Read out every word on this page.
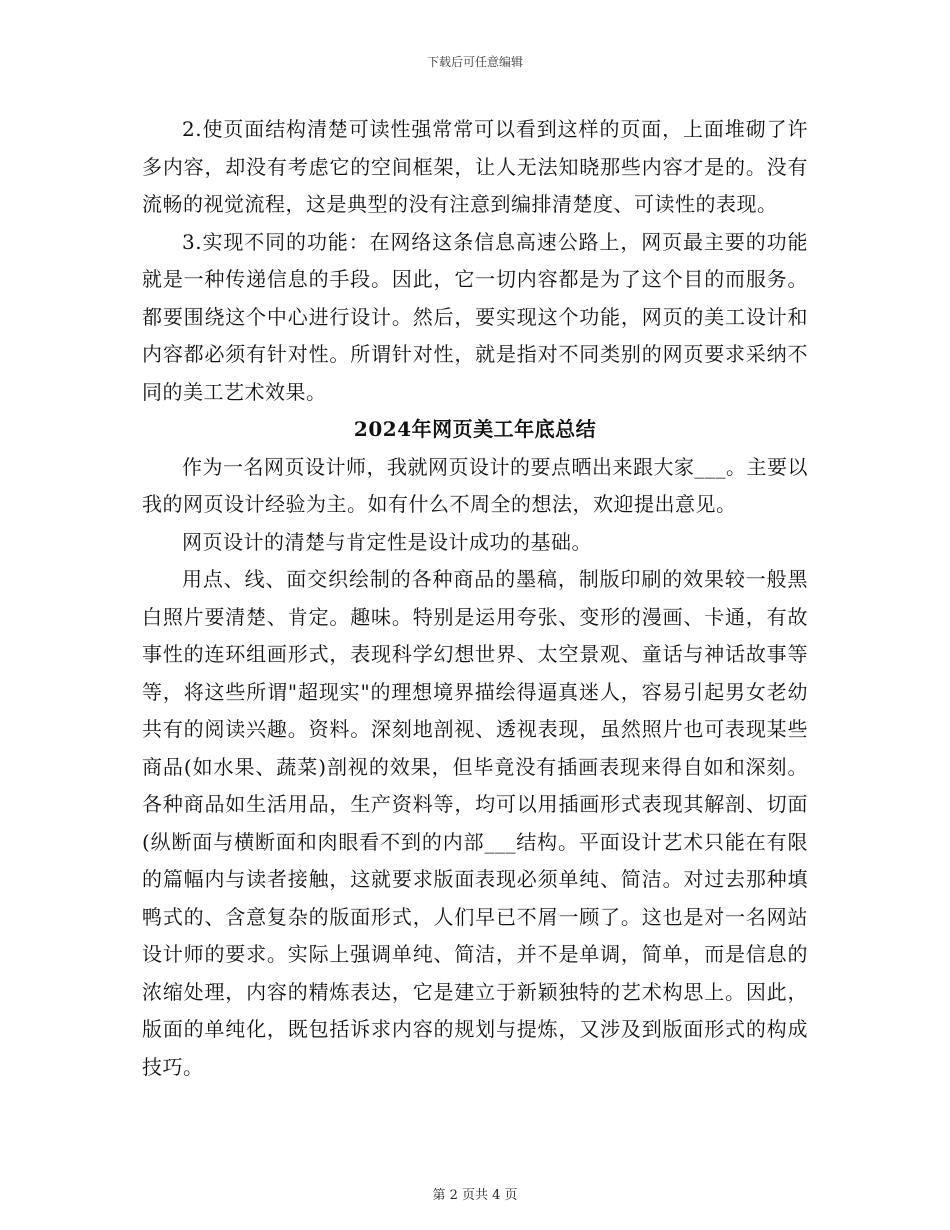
下载后可任意编辑

2.使页面结构清楚可读性强常常可以看到这样的页面，上面堆砌了许多内容，却没有考虑它的空间框架，让人无法知晓那些内容才是的。没有流畅的视觉流程，这是典型的没有注意到编排清楚度、可读性的表现。

3.实现不同的功能：在网络这条信息高速公路上，网页最主要的功能就是一种传递信息的手段。因此，它一切内容都是为了这个目的而服务。都要围绕这个中心进行设计。然后，要实现这个功能，网页的美工设计和内容都必须有针对性。所谓针对性，就是指对不同类别的网页要求采纳不同的美工艺术效果。

2024年网页美工年底总结

作为一名网页设计师，我就网页设计的要点晒出来跟大家___。主要以我的网页设计经验为主。如有什么不周全的想法，欢迎提出意见。

网页设计的清楚与肯定性是设计成功的基础。

用点、线、面交织绘制的各种商品的墨稿，制版印刷的效果较一般黑白照片要清楚、肯定。趣味。特别是运用夸张、变形的漫画、卡通，有故事性的连环组画形式，表现科学幻想世界、太空景观、童话与神话故事等等，将这些所谓"超现实"的理想境界描绘得逼真迷人，容易引起男女老幼共有的阅读兴趣。资料。深刻地剖视、透视表现，虽然照片也可表现某些商品(如水果、蔬菜)剖视的效果，但毕竟没有插画表现来得自如和深刻。各种商品如生活用品，生产资料等，均可以用插画形式表现其解剖、切面(纵断面与横断面和肉眼看不到的内部___结构。平面设计艺术只能在有限的篇幅内与读者接触，这就要求版面表现必须单纯、简洁。对过去那种填鸭式的、含意复杂的版面形式，人们早已不屑一顾了。这也是对一名网站设计师的要求。实际上强调单纯、简洁，并不是单调，简单，而是信息的浓缩处理，内容的精炼表达，它是建立于新颖独特的艺术构思上。因此，版面的单纯化，既包括诉求内容的规划与提炼，又涉及到版面形式的构成技巧。

第 2 页共 4 页
